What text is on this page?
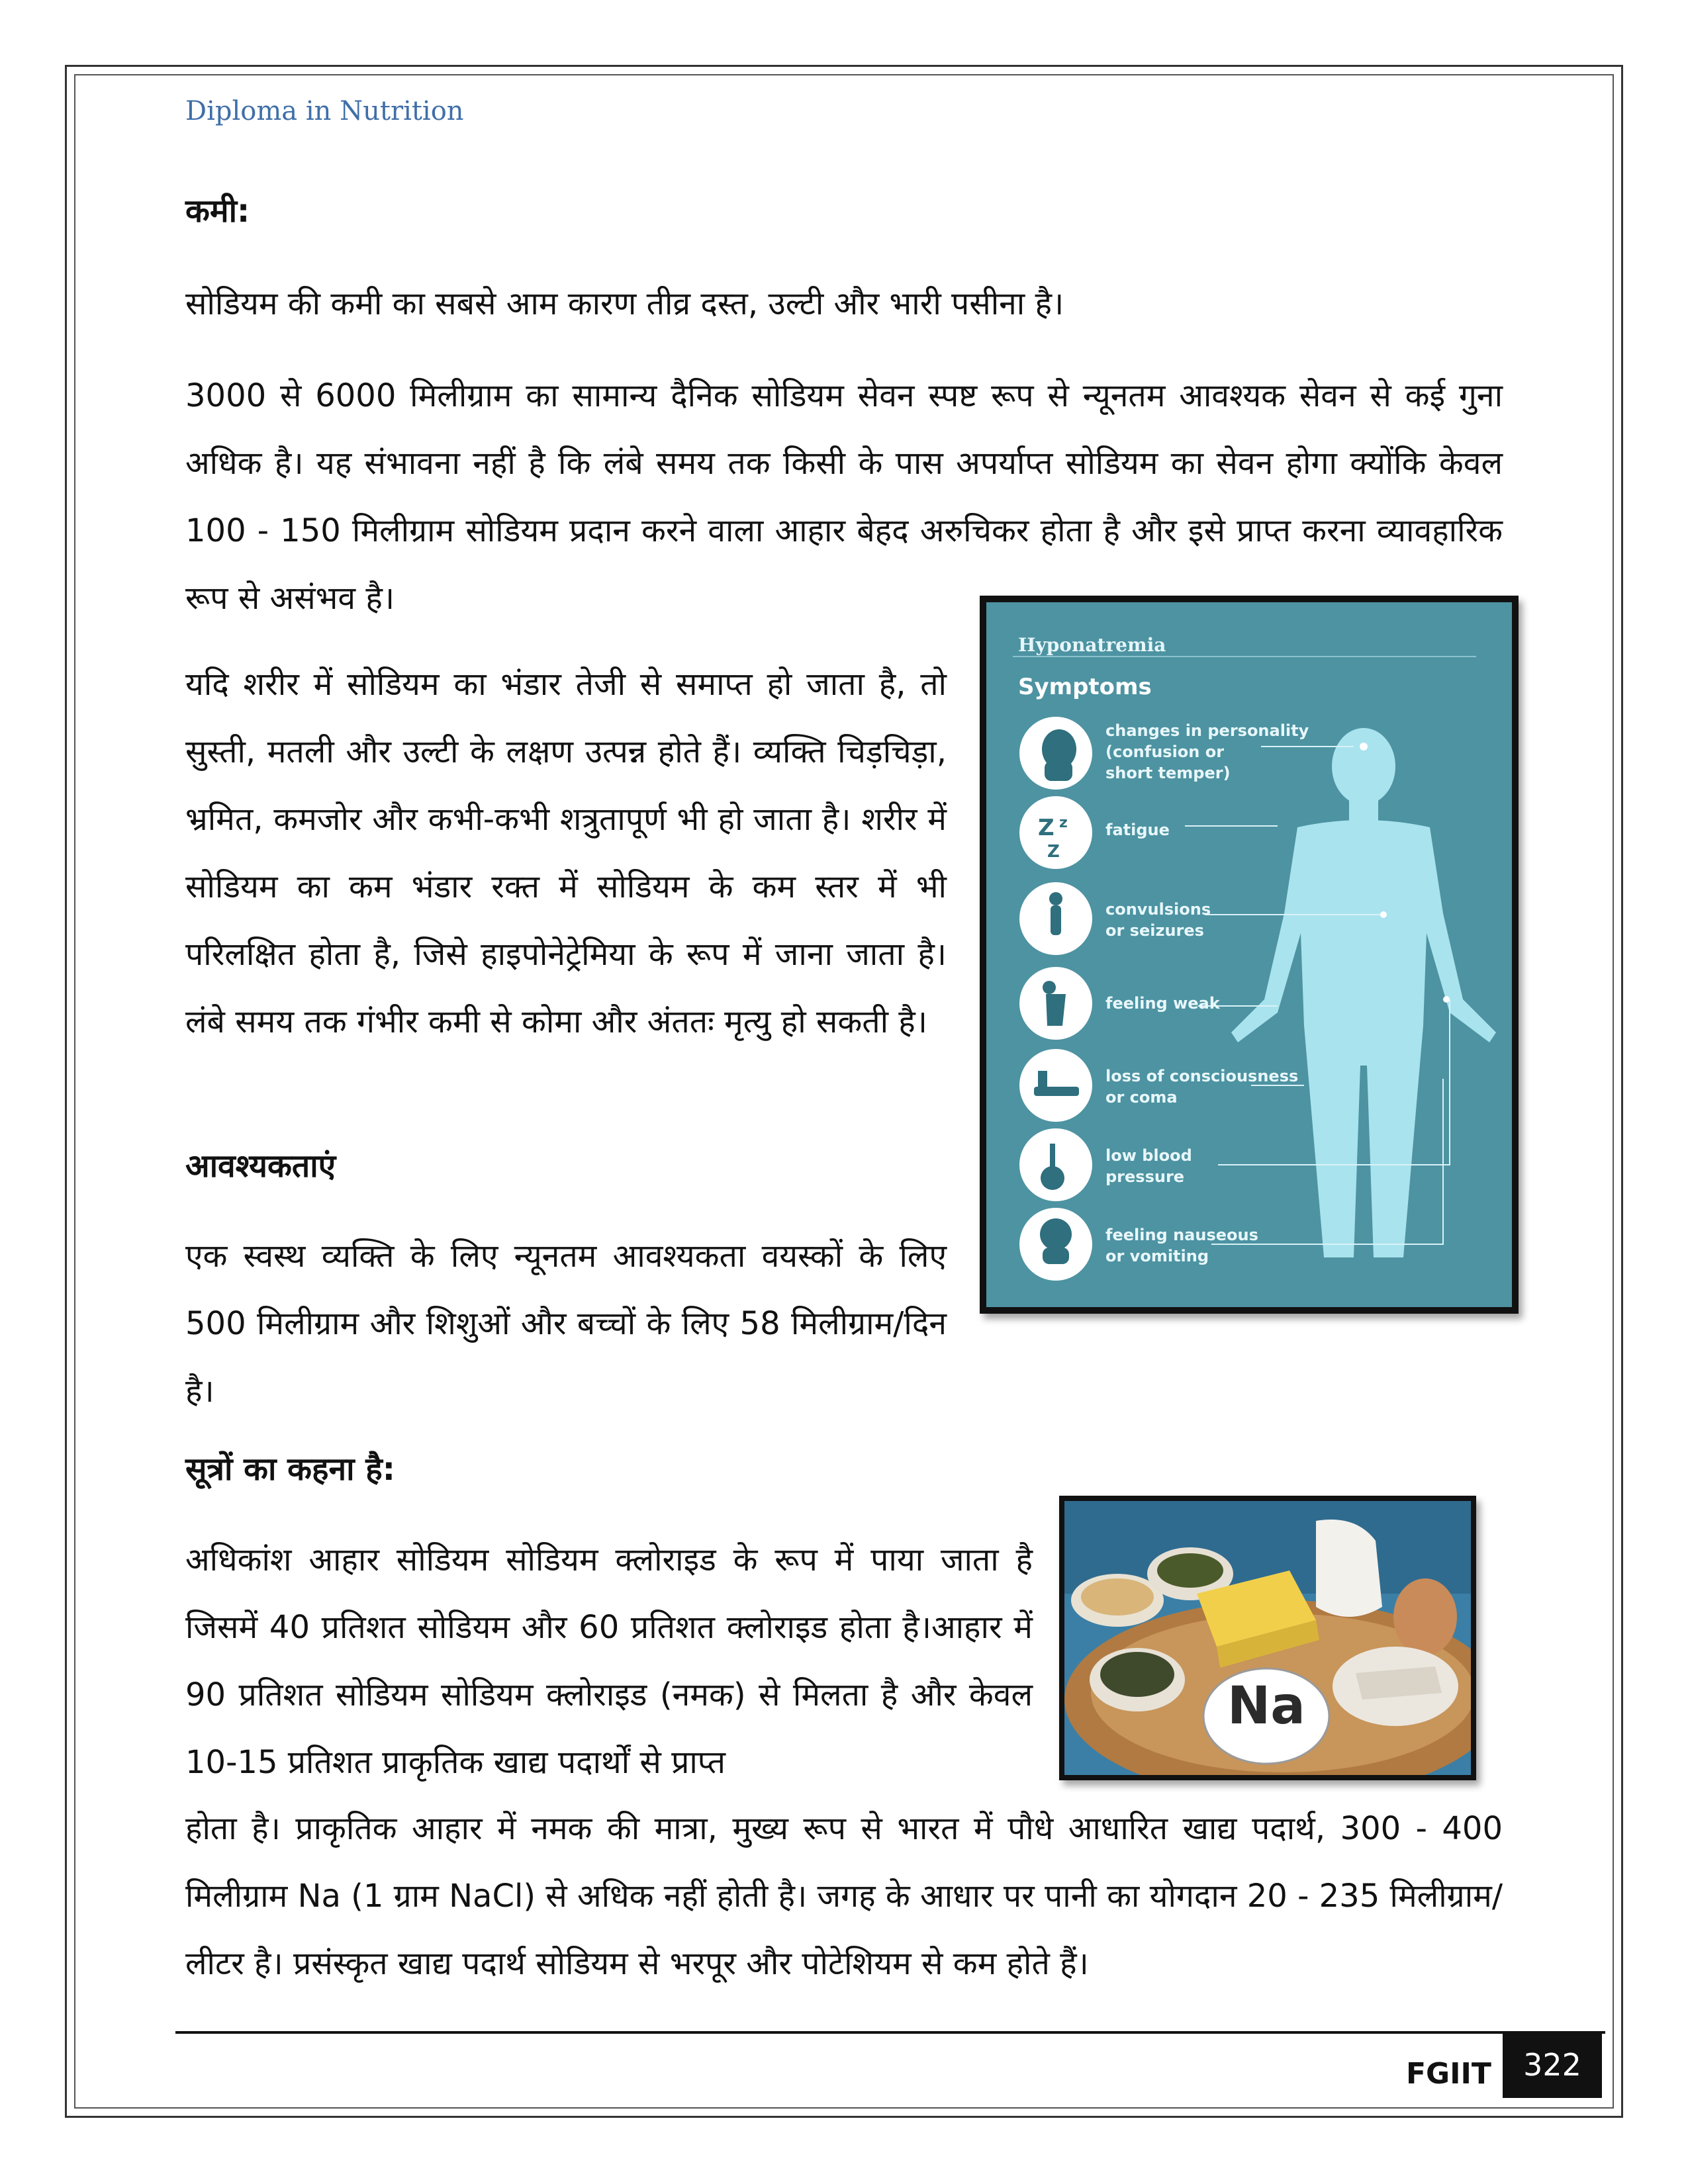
Diploma in Nutrition
कमी:
सोडियम की कमी का सबसे आम कारण तीव्र दस्त, उल्टी और भारी पसीना है।
3000 से 6000 मिलीग्राम का सामान्य दैनिक सोडियम सेवन स्पष्ट रूप से न्यूनतम आवश्यक सेवन से कई गुना अधिक है। यह संभावना नहीं है कि लंबे समय तक किसी के पास अपर्याप्त सोडियम का सेवन होगा क्योंकि केवल 100 - 150 मिलीग्राम सोडियम प्रदान करने वाला आहार बेहद अरुचिकर होता है और इसे प्राप्त करना व्यावहारिक रूप से असंभव है।
यदि शरीर में सोडियम का भंडार तेजी से समाप्त हो जाता है, तो सुस्ती, मतली और उल्टी के लक्षण उत्पन्न होते हैं। व्यक्ति चिड़चिड़ा, भ्रमित, कमजोर और कभी-कभी शत्रुतापूर्ण भी हो जाता है। शरीर में सोडियम का कम भंडार रक्त में सोडियम के कम स्तर में भी परिलक्षित होता है, जिसे हाइपोनेट्रेमिया के रूप में जाना जाता है। लंबे समय तक गंभीर कमी से कोमा और अंततः मृत्यु हो सकती है।
आवश्यकताएं
एक स्वस्थ व्यक्ति के लिए न्यूनतम आवश्यकता वयस्कों के लिए 500 मिलीग्राम और शिशुओं और बच्चों के लिए 58 मिलीग्राम/दिन है।
सूत्रों का कहना है:
अधिकांश आहार सोडियम सोडियम क्लोराइड के रूप में पाया जाता है जिसमें 40 प्रतिशत सोडियम और 60 प्रतिशत क्लोराइड होता है।आहार में 90 प्रतिशत सोडियम सोडियम क्लोराइड (नमक) से मिलता है और केवल 10-15 प्रतिशत प्राकृतिक खाद्य पदार्थों से प्राप्त
होता है। प्राकृतिक आहार में नमक की मात्रा, मुख्य रूप से भारत में पौधे आधारित खाद्य पदार्थ, 300 - 400 मिलीग्राम Na (1 ग्राम NaCl) से अधिक नहीं होती है। जगह के आधार पर पानी का योगदान 20 - 235 मिलीग्राम/लीटर है। प्रसंस्कृत खाद्य पदार्थ सोडियम से भरपूर और पोटेशियम से कम होते हैं।
Z z
Z
Hyponatremia
Symptoms
changes in personality
(confusion or
short temper)
fatigue
convulsions
or seizures
feeling weak
loss of consciousness
or coma
low blood
pressure
feeling nauseous
or vomiting
Na
FGIIT 322
